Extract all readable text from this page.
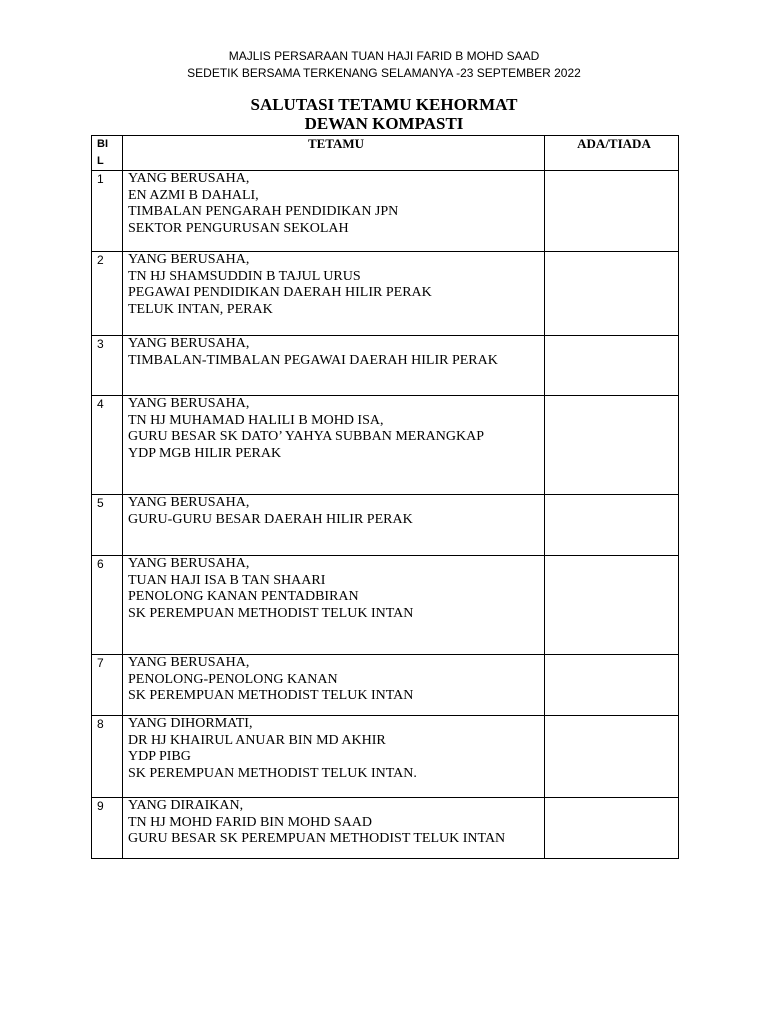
MAJLIS PERSARAAN TUAN HAJI FARID B MOHD SAAD
SEDETIK BERSAMA TERKENANG SELAMANYA -23 SEPTEMBER 2022
SALUTASI TETAMU KEHORMAT
DEWAN KOMPASTI
BI
L	TETAMU	ADA/TIADA
1	YANG BERUSAHA,
EN AZMI B DAHALI,
TIMBALAN PENGARAH PENDIDIKAN JPN
SEKTOR PENGURUSAN SEKOLAH	

2	YANG BERUSAHA,
TN HJ SHAMSUDDIN B TAJUL URUS
PEGAWAI PENDIDIKAN DAERAH HILIR PERAK
TELUK INTAN, PERAK	

3	YANG BERUSAHA,
TIMBALAN-TIMBALAN PEGAWAI DAERAH HILIR PERAK	

4	YANG BERUSAHA,
TN HJ MUHAMAD HALILI B MOHD ISA,
GURU BESAR SK DATO’ YAHYA SUBBAN MERANGKAP
YDP MGB HILIR PERAK	

5	YANG BERUSAHA,
GURU-GURU BESAR DAERAH HILIR PERAK	

6	YANG BERUSAHA,
TUAN HAJI ISA B TAN SHAARI
PENOLONG KANAN PENTADBIRAN
SK PEREMPUAN METHODIST TELUK INTAN	

7	YANG BERUSAHA,
PENOLONG-PENOLONG KANAN
SK PEREMPUAN METHODIST TELUK INTAN	

8	YANG DIHORMATI,
DR HJ KHAIRUL ANUAR BIN MD AKHIR
YDP PIBG
SK PEREMPUAN METHODIST TELUK INTAN.	

9	YANG DIRAIKAN,
TN HJ MOHD FARID BIN MOHD SAAD
GURU BESAR SK PEREMPUAN METHODIST TELUK INTAN	
